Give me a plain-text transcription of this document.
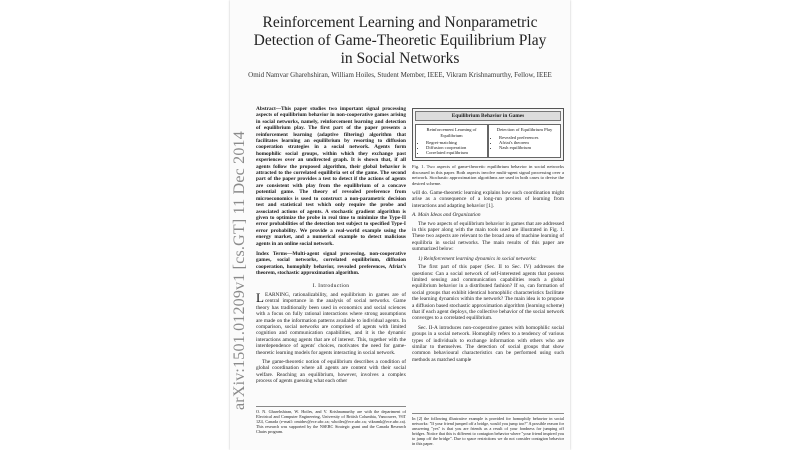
Reinforcement Learning and Nonparametric Detection of Game-Theoretic Equilibrium Play in Social Networks
Omid Namvar Gharehshiran, William Hoiles, Student Member, IEEE, Vikram Krishnamurthy, Fellow, IEEE

Abstract—This paper studies two important signal processing aspects of equilibrium behavior in non-cooperative games arising in social networks, namely, reinforcement learning and detection of equilibrium play. The first part of the paper presents a reinforcement learning (adaptive filtering) algorithm that facilitates learning an equilibrium by resorting to diffusion cooperation strategies in a social network. Agents form homophilic social groups, within which they exchange past experiences over an undirected graph. It is shown that, if all agents follow the proposed algorithm, their global behavior is attracted to the correlated equilibria set of the game. The second part of the paper provides a test to detect if the actions of agents are consistent with play from the equilibrium of a concave potential game. The theory of revealed preference from microeconomics is used to construct a non-parametric decision test and statistical test which only require the probe and associated actions of agents. A stochastic gradient algorithm is given to optimize the probe in real time to minimize the Type-II error probabilities of the detection test subject to specified Type-I error probability. We provide a real-world example using the energy market, and a numerical example to detect malicious agents in an online social network.

Index Terms—Multi-agent signal processing, non-cooperative games, social networks, correlated equilibrium, diffusion cooperation, homophily behavior, revealed preferences, Afriat's theorem, stochastic approximation algorithm.

I. Introduction

LEARNING, rationalizability, and equilibrium in games are of central importance in the analysis of social networks. Game theory has traditionally been used in economics and social sciences with a focus on fully rational interactions where strong assumptions are made on the information patterns available to individual agents. In comparison, social networks are comprised of agents with limited cognition and communication capabilities, and it is the dynamic interactions among agents that are of interest. This, together with the interdependence of agents' choices, motivates the need for game-theoretic learning models for agents interacting in social network.

The game-theoretic notion of equilibrium describes a condition of global coordination where all agents are content with their social welfare. Reaching an equilibrium, however, involves a complex process of agents guessing what each other

Equilibrium Behavior in Games
Reinforcement Learning of Equilibrium
• Regret-matching
• Diffusion cooperation
• Correlated equilibrium
Detection of Equilibrium Play
• Revealed preferences
• Afriat's theorem
• Nash equilibrium

Fig. 1. Two aspects of game-theoretic equilibrium behavior in social networks discussed in this paper. Both aspects involve multi-agent signal processing over a network. Stochastic approximation algorithms are used in both cases to devise the desired scheme.

will do. Game-theoretic learning explains how such coordination might arise as a consequence of a long-run process of learning from interactions and adapting behavior [1].

A. Main Ideas and Organization

The two aspects of equilibrium behavior in games that are addressed in this paper along with the main tools used are illustrated in Fig. 1. These two aspects are relevant to the broad area of machine learning of equilibria in social networks. The main results of this paper are summarized below:

1) Reinforcement learning dynamics in social networks:

The first part of this paper (Sec. II to Sec. IV) addresses the questions: Can a social network of self-interested agents that possess limited sensing and communication capabilities reach a global equilibrium behavior in a distributed fashion? If so, can formation of social groups that exhibit identical homophilic characteristics facilitate the learning dynamics within the network? The main idea is to propose a diffusion based stochastic approximation algorithm (learning scheme) that if each agent deploys, the collective behavior of the social network converges to a correlated equilibrium.

Sec. II-A introduces non-cooperative games with homophilic social groups in a social network. Homophily refers to a tendency of various types of individuals to exchange information with others who are similar to themselves. The detection of social groups that show common behavioural characteristics can be performed using such methods as matched sample

O. N. Gharehshiran, W. Hoiles, and V. Krishnamurthy are with the department of Electrical and Computer Engineering, University of British Columbia, Vancouver, V6T 1Z4, Canada (e-mail: omidnv@ece.ubc.ca; whoiles@ece.ubc.ca; vikramk@ece.ubc.ca). This research was supported by the NSERC Strategic grant and the Canada Research Chairs program.
In [2] the following illustrative example is provided for homophily behavior in social networks: "If your friend jumped off a bridge, would you jump too?" A possible reason for answering "yes" is that you are friends as a result of your fondness for jumping off bridges. Notice that this is different to contagion behavior where "your friend inspired you to jump off the bridge". Due to space restrictions we do not consider contagion behavior in this paper.
arXiv:1501.01209v1 [cs.GT] 11 Dec 2014
